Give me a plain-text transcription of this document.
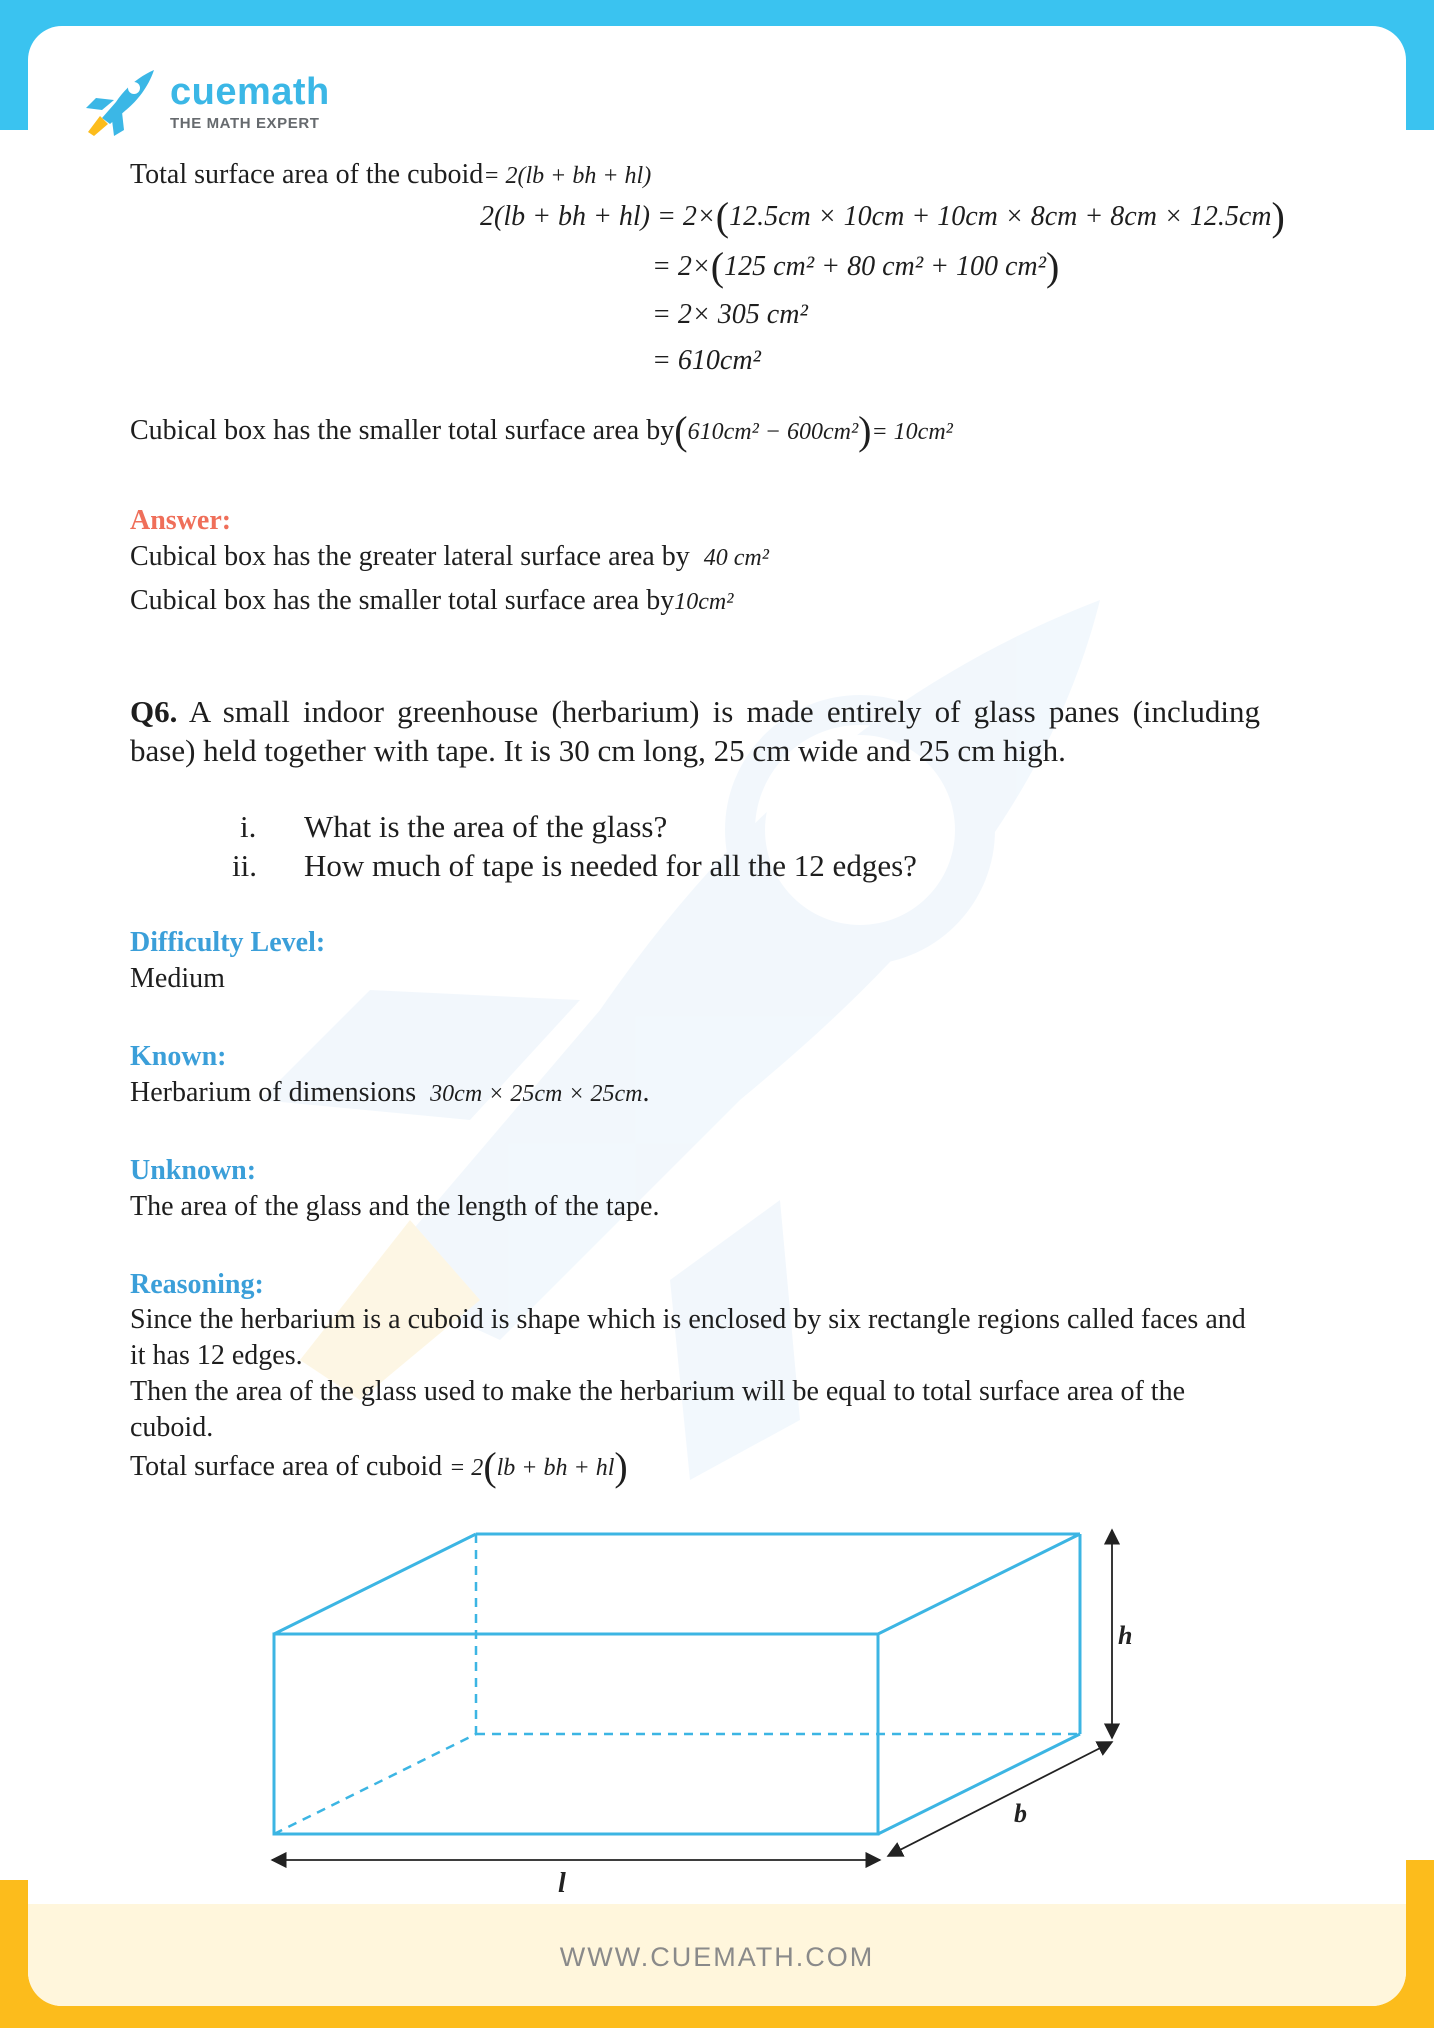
cuemath
THE MATH EXPERT
Total surface area of the cuboid= 2(lb + bh + hl)
2(lb + bh + hl) = 2×(12.5cm × 10cm + 10cm × 8cm + 8cm × 12.5cm)
= 2×(125 cm² + 80 cm² + 100 cm²)
= 2× 305 cm²
= 610cm²
Cubical box has the smaller total surface area by(610cm² − 600cm²)= 10cm²
Answer:
Cubical box has the greater lateral surface area by 40 cm²
Cubical box has the smaller total surface area by10cm²
Q6. A small indoor greenhouse (herbarium) is made entirely of glass panes (including base) held together with tape. It is 30 cm long, 25 cm wide and 25 cm high.
i. What is the area of the glass?
ii. How much of tape is needed for all the 12 edges?
Difficulty Level:
Medium
Known:
Herbarium of dimensions 30cm × 25cm × 25cm.
Unknown:
The area of the glass and the length of the tape.
Reasoning:
Since the herbarium is a cuboid is shape which is enclosed by six rectangle regions called faces and it has 12 edges.
Then the area of the glass used to make the herbarium will be equal to total surface area of the cuboid.
Total surface area of cuboid = 2(lb + bh + hl)
h
b
l
WWW.CUEMATH.COM
